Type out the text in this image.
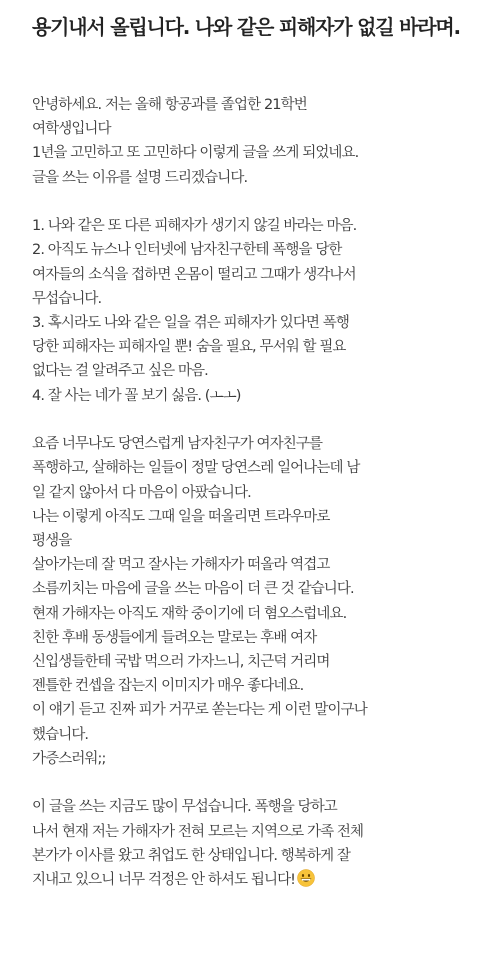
용기내서 올립니다. 나와 같은 피해자가 없길 바라며.
안녕하세요. 저는 올해 항공과를 졸업한 21학번
여학생입니다
1년을 고민하고 또 고민하다 이렇게 글을 쓰게 되었네요.
글을 쓰는 이유를 설명 드리겠습니다.
1. 나와 같은 또 다른 피해자가 생기지 않길 바라는 마음.
2. 아직도 뉴스나 인터넷에 남자친구한테 폭행을 당한
여자들의 소식을 접하면 온몸이 떨리고 그때가 생각나서
무섭습니다.
3. 혹시라도 나와 같은 일을 겪은 피해자가 있다면 폭행
당한 피해자는 피해자일 뿐! 숨을 필요, 무서워 할 필요
없다는 걸 알려주고 싶은 마음.
4. 잘 사는 네가 꼴 보기 싫음. (ㅗㅗ)
요즘 너무나도 당연스럽게 남자친구가 여자친구를
폭행하고, 살해하는 일들이 정말 당연스레 일어나는데 남
일 같지 않아서 다 마음이 아팠습니다.
나는 이렇게 아직도 그때 일을 떠올리면 트라우마로
평생을
살아가는데 잘 먹고 잘사는 가해자가 떠올라 역겹고
소름끼치는 마음에 글을 쓰는 마음이 더 큰 것 같습니다.
현재 가해자는 아직도 재학 중이기에 더 혐오스럽네요.
친한 후배 동생들에게 들려오는 말로는 후배 여자
신입생들한테 국밥 먹으러 가자느니, 치근덕 거리며
젠틀한 컨셉을 잡는지 이미지가 매우 좋다네요.
이 얘기 듣고 진짜 피가 거꾸로 쏟는다는 게 이런 말이구나
했습니다.
가증스러워;;
이 글을 쓰는 지금도 많이 무섭습니다. 폭행을 당하고
나서 현재 저는 가해자가 전혀 모르는 지역으로 가족 전체
본가가 이사를 왔고 취업도 한 상태입니다. 행복하게 잘
지내고 있으니 너무 걱정은 안 하셔도 됩니다!
